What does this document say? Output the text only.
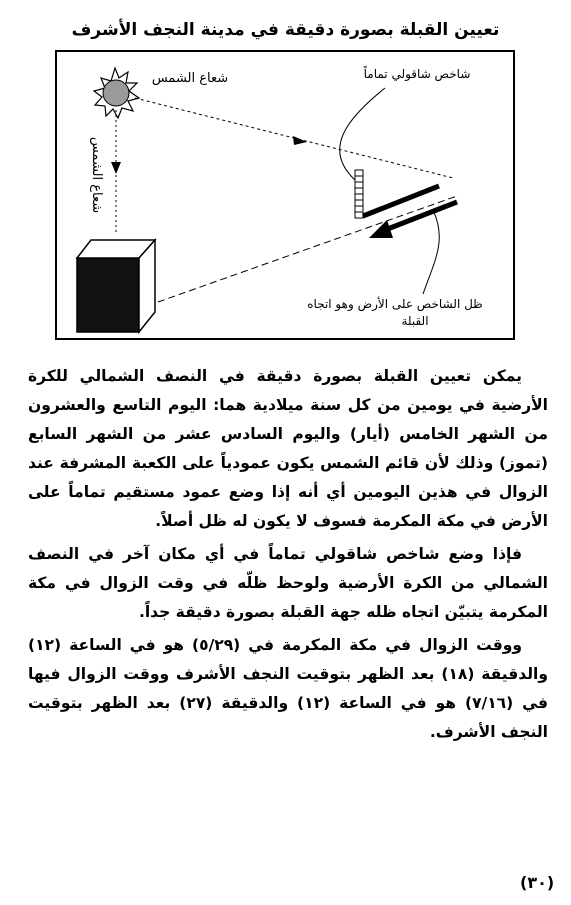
تعيين القبلة بصورة دقيقة في مدينة النجف الأشرف
شعاع الشمس
شعاع الشمس
شاخص شاقولي تماماً
ظل الشاخص على الأرض وهو اتجاه
القبلة

يمكن تعيين القبلة بصورة دقيقة في النصف الشمالي للكرة الأرضية في يومين من كل سنة ميلادية هما: اليوم التاسع والعشرون من الشهر الخامس (أيار) واليوم السادس عشر من الشهر السابع (تموز) وذلك لأن قائم الشمس يكون عمودياً على الكعبة المشرفة عند الزوال في هذين اليومين أي أنه إذا وضع عمود مستقيم تماماً على الأرض في مكة المكرمة فسوف لا يكون له ظل أصلاً.

فإذا وضع شاخص شاقولي تماماً في أي مكان آخر في النصف الشمالي من الكرة الأرضية ولوحظ ظلّه في وقت الزوال في مكة المكرمة يتبيّن اتجاه ظله جهة القبلة بصورة دقيقة جداً.

ووقت الزوال في مكة المكرمة في (٥/٢٩) هو في الساعة (١٢) والدقيقة (١٨) بعد الظهر بتوقيت النجف الأشرف ووقت الزوال فيها في (٧/١٦) هو في الساعة (١٢) والدقيقة (٢٧) بعد الظهر بتوقيت النجف الأشرف.

(٣٠)
